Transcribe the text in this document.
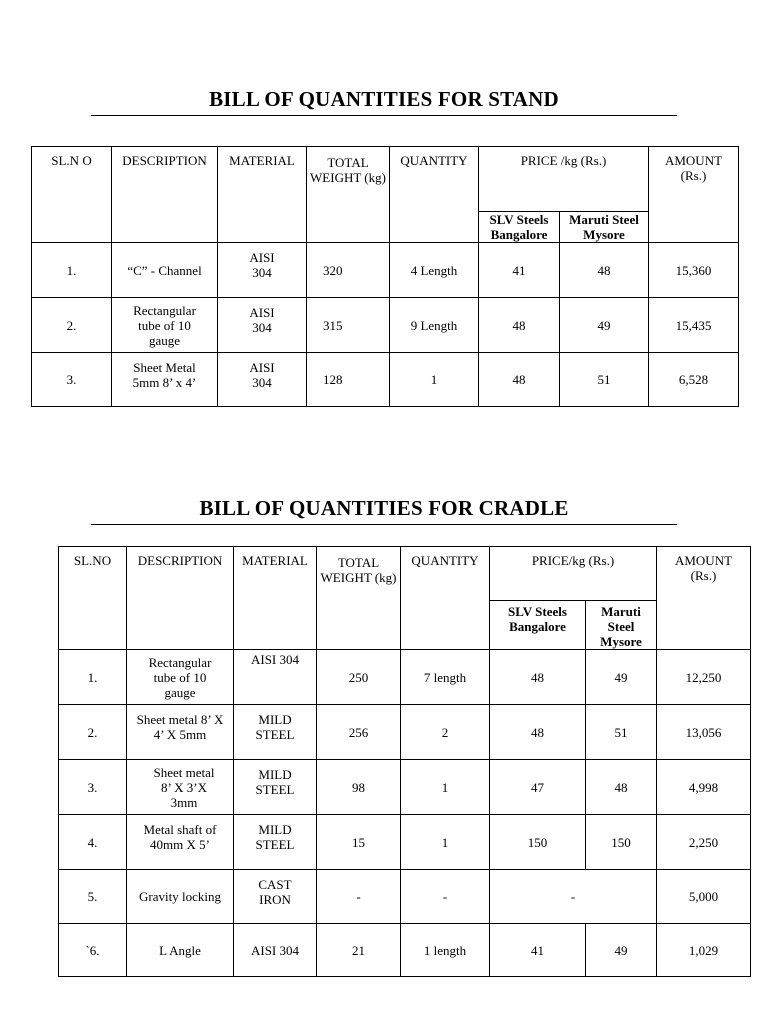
BILL OF QUANTITIES FOR STAND
SL.N O	DESCRIPTION	MATERIAL	TOTAL WEIGHT (kg)	QUANTITY	PRICE /kg (Rs.)		AMOUNT (Rs.)
					SLV Steels Bangalore	Maruti Steel Mysore	
1.	“C” - Channel	AISI 304	320	4 Length	41	48	15,360
2.	Rectangular tube of 10 gauge	AISI 304	315	9 Length	48	49	15,435
3.	Sheet Metal 5mm 8’ x 4’	AISI 304	128	1	48	51	6,528
BILL OF QUANTITIES FOR CRADLE
SL.NO	DESCRIPTION	MATERIAL	TOTAL WEIGHT (kg)	QUANTITY	PRICE/kg (Rs.)		AMOUNT (Rs.)
					SLV Steels Bangalore	Maruti Steel Mysore	
1.	Rectangular tube of 10 gauge	AISI 304	250	7 length	48	49	12,250
2.	Sheet metal 8’ X 4’ X 5mm	MILD STEEL	256	2	48	51	13,056
3.	Sheet metal 8’ X 3’X 3mm	MILD STEEL	98	1	47	48	4,998
4.	Metal shaft of 40mm X 5’	MILD STEEL	15	1	150	150	2,250
5.	Gravity locking	CAST IRON	-	-	-		5,000
`6.	L Angle	AISI 304	21	1 length	41	49	1,029
